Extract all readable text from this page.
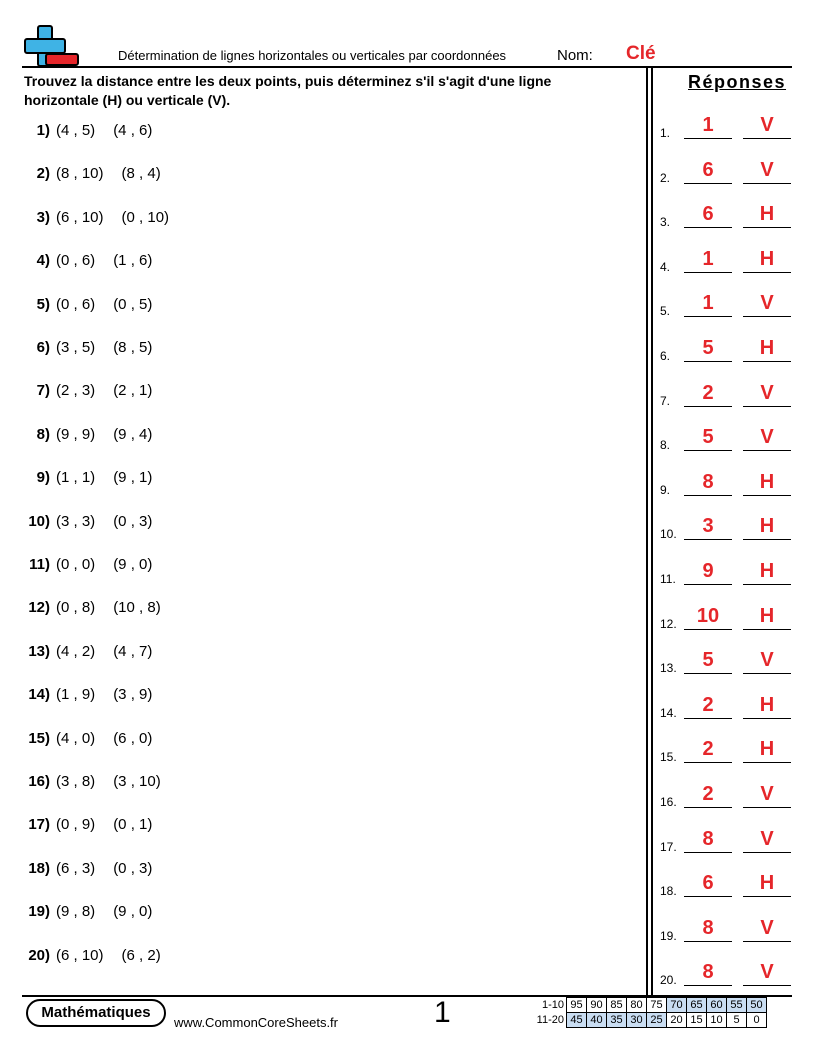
Détermination de lignes horizontales ou verticales par coordonnées	Nom: Clé
Trouvez la distance entre les deux points, puis déterminez s'il s'agit d'une ligne horizontale (H) ou verticale (V).
1) (4 , 5) (4 , 6)
2) (8 , 10) (8 , 4)
3) (6 , 10) (0 , 10)
4) (0 , 6) (1 , 6)
5) (0 , 6) (0 , 5)
6) (3 , 5) (8 , 5)
7) (2 , 3) (2 , 1)
8) (9 , 9) (9 , 4)
9) (1 , 1) (9 , 1)
10) (3 , 3) (0 , 3)
11) (0 , 0) (9 , 0)
12) (0 , 8) (10 , 8)
13) (4 , 2) (4 , 7)
14) (1 , 9) (3 , 9)
15) (4 , 0) (6 , 0)
16) (3 , 8) (3 , 10)
17) (0 , 9) (0 , 1)
18) (6 , 3) (0 , 3)
19) (9 , 8) (9 , 0)
20) (6 , 10) (6 , 2)
Réponses
1.	1	V
2.	6	V
3.	6	H
4.	1	H
5.	1	V
6.	5	H
7.	2	V
8.	5	V
9.	8	H
10.	3	H
11.	9	H
12.	10	H
13.	5	V
14.	2	H
15.	2	H
16.	2	V
17.	8	V
18.	6	H
19.	8	V
20.	8	V
Mathématiques
www.CommonCoreSheets.fr	1	1-10	95	90	85	80	75	70	65	60	55	50
11-20	45	40	35	30	25	20	15	10	5	0
